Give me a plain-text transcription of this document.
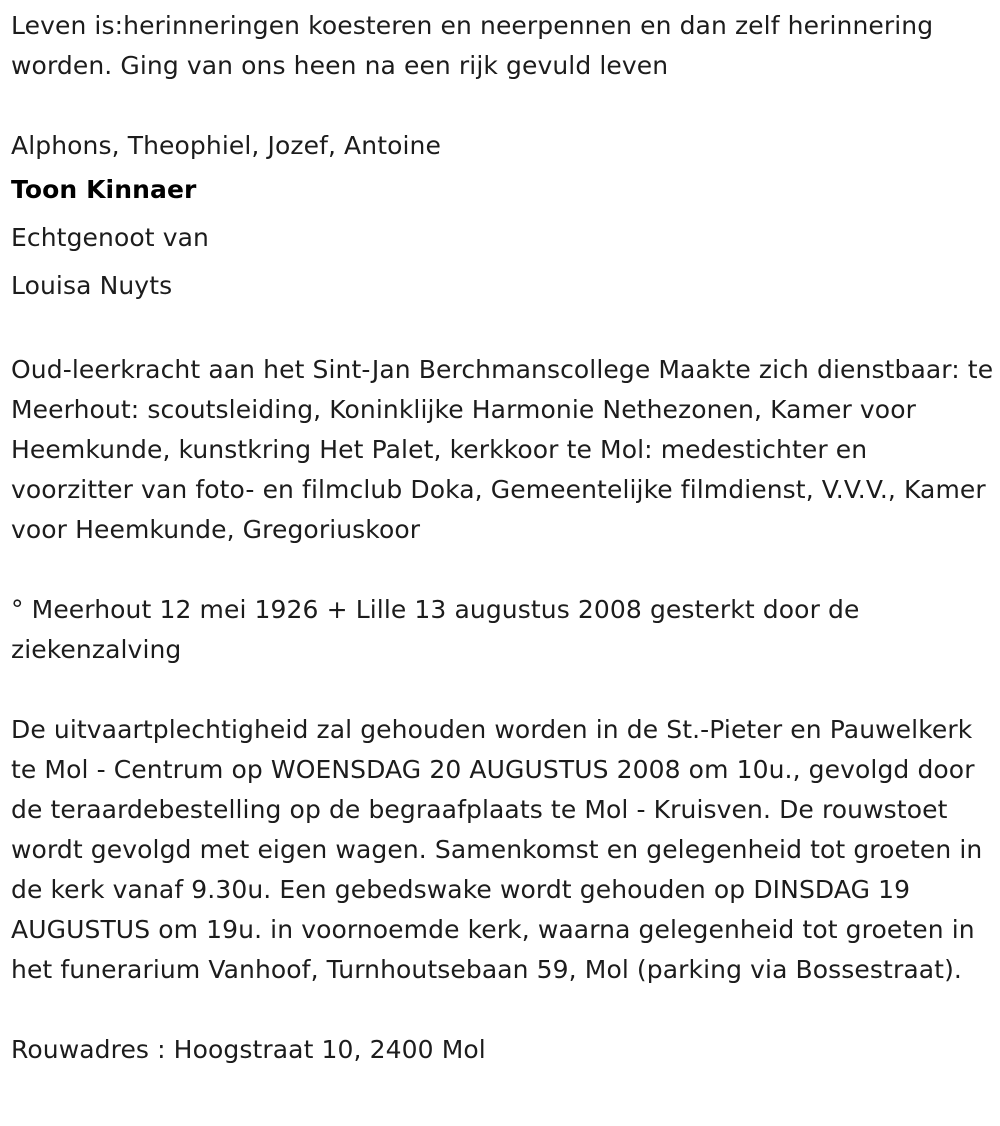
Leven is:herinneringen koesteren en neerpennen en dan zelf herinnering worden. Ging van ons heen na een rijk gevuld leven

Alphons, Theophiel, Jozef, Antoine

Toon Kinnaer

Echtgenoot van

Louisa Nuyts

Oud-leerkracht aan het Sint-Jan Berchmanscollege Maakte zich dienstbaar: te Meerhout: scoutsleiding, Koninklijke Harmonie Nethezonen, Kamer voor Heemkunde, kunstkring Het Palet, kerkkoor te Mol: medestichter en voorzitter van foto- en filmclub Doka, Gemeentelijke filmdienst, V.V.V., Kamer voor Heemkunde, Gregoriuskoor

° Meerhout 12 mei 1926 + Lille 13 augustus 2008 gesterkt door de ziekenzalving

De uitvaartplechtigheid zal gehouden worden in de St.-Pieter en Pauwelkerk te Mol - Centrum op WOENSDAG 20 AUGUSTUS 2008 om 10u., gevolgd door de teraardebestelling op de begraafplaats te Mol - Kruisven. De rouwstoet wordt gevolgd met eigen wagen. Samenkomst en gelegenheid tot groeten in de kerk vanaf 9.30u. Een gebedswake wordt gehouden op DINSDAG 19 AUGUSTUS om 19u. in voornoemde kerk, waarna gelegenheid tot groeten in het funerarium Vanhoof, Turnhoutsebaan 59, Mol (parking via Bossestraat).

Rouwadres : Hoogstraat 10, 2400 Mol
